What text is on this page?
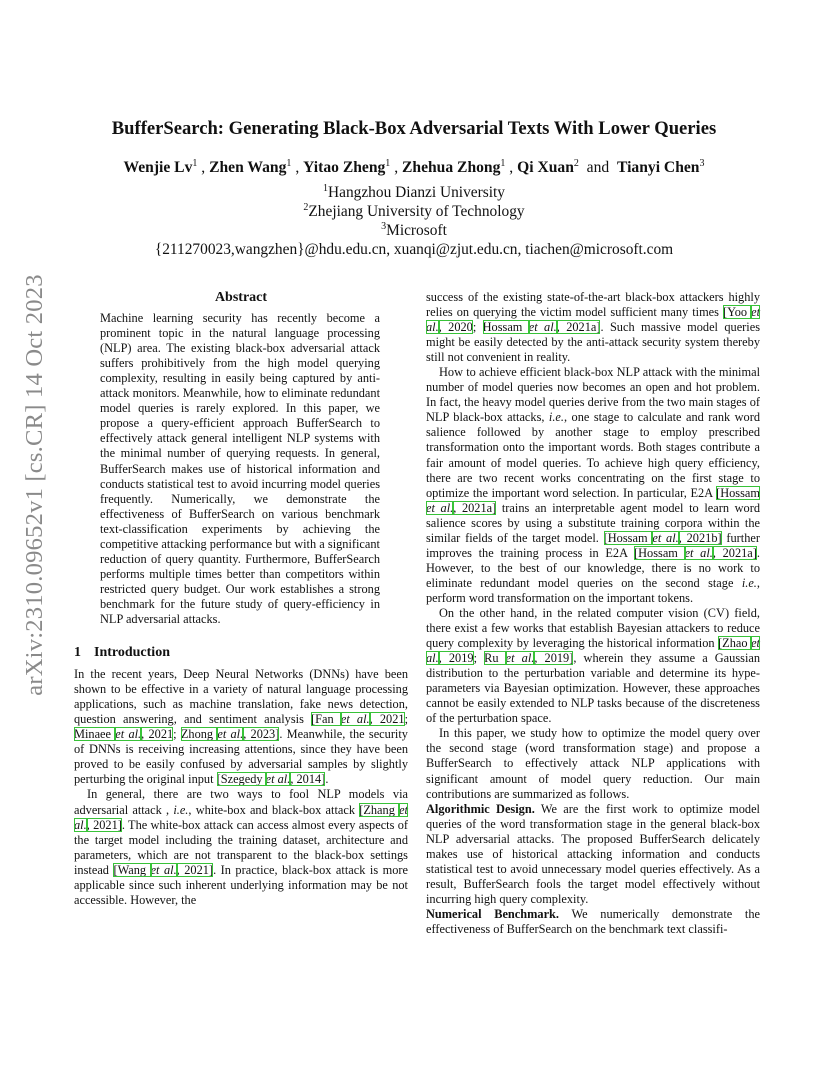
arXiv:2310.09652v1 [cs.CR] 14 Oct 2023
BufferSearch: Generating Black-Box Adversarial Texts With Lower Queries
Wenjie Lv$^1$ , Zhen Wang$^1$ , Yitao Zheng$^1$ , Zhehua Zhong$^1$ , Qi Xuan$^2$ and Tianyi Chen$^3$
$^1$Hangzhou Dianzi University
$^2$Zhejiang University of Technology
$^3$Microsoft
{211270023,wangzhen}@hdu.edu.cn, xuanqi@zjut.edu.cn, tiachen@microsoft.com
Abstract

Machine learning security has recently become a prominent topic in the natural language processing (NLP) area. The existing black-box adversarial attack suffers prohibitively from the high model querying complexity, resulting in easily being captured by anti-attack monitors. Meanwhile, how to eliminate redundant model queries is rarely explored. In this paper, we propose a query-efficient approach BufferSearch to effectively attack general intelligent NLP systems with the minimal number of querying requests. In general, BufferSearch makes use of historical information and conducts statistical test to avoid incurring model queries frequently. Numerically, we demonstrate the effectiveness of BufferSearch on various benchmark text-classification experiments by achieving the competitive attacking performance but with a significant reduction of query quantity. Furthermore, BufferSearch performs multiple times better than competitors within restricted query budget. Our work establishes a strong benchmark for the future study of query-efficiency in NLP adversarial attacks.

1 Introduction

In the recent years, Deep Neural Networks (DNNs) have been shown to be effective in a variety of natural language processing applications, such as machine translation, fake news detection, question answering, and sentiment analysis [Fan et al., 2021; Minaee et al., 2021; Zhong et al., 2023]. Meanwhile, the security of DNNs is receiving increasing attentions, since they have been proved to be easily confused by adversarial samples by slightly perturbing the original input [Szegedy et al., 2014].

In general, there are two ways to fool NLP models via adversarial attack , i.e., white-box and black-box attack [Zhang et al., 2021]. The white-box attack can access almost every aspects of the target model including the training dataset, architecture and parameters, which are not transparent to the black-box settings instead [Wang et al., 2021]. In practice, black-box attack is more applicable since such inherent underlying information may be not accessible. However, the

success of the existing state-of-the-art black-box attackers highly relies on querying the victim model sufficient many times [Yoo et al., 2020; Hossam et al., 2021a]. Such massive model queries might be easily detected by the anti-attack security system thereby still not convenient in reality.

How to achieve efficient black-box NLP attack with the minimal number of model queries now becomes an open and hot problem. In fact, the heavy model queries derive from the two main stages of NLP black-box attacks, i.e., one stage to calculate and rank word salience followed by another stage to employ prescribed transformation onto the important words. Both stages contribute a fair amount of model queries. To achieve high query efficiency, there are two recent works concentrating on the first stage to optimize the important word selection. In particular, E2A [Hossam et al., 2021a] trains an interpretable agent model to learn word salience scores by using a substitute training corpora within the similar fields of the target model. [Hossam et al., 2021b] further improves the training process in E2A [Hossam et al., 2021a]. However, to the best of our knowledge, there is no work to eliminate redundant model queries on the second stage i.e., perform word transformation on the important tokens.

On the other hand, in the related computer vision (CV) field, there exist a few works that establish Bayesian attackers to reduce query complexity by leveraging the historical information [Zhao et al., 2019; Ru et al., 2019], wherein they assume a Gaussian distribution to the perturbation variable and determine its hype-parameters via Bayesian optimization. However, these approaches cannot be easily extended to NLP tasks because of the discreteness of the perturbation space.

In this paper, we study how to optimize the model query over the second stage (word transformation stage) and propose a BufferSearch to effectively attack NLP applications with significant amount of model query reduction. Our main contributions are summarized as follows.

Algorithmic Design. We are the first work to optimize model queries of the word transformation stage in the general black-box NLP adversarial attacks. The proposed BufferSearch delicately makes use of historical attacking information and conducts statistical test to avoid unnecessary model queries effectively. As a result, BufferSearch fools the target model effectively without incurring high query complexity.

Numerical Benchmark. We numerically demonstrate the effectiveness of BufferSearch on the benchmark text classifi-
